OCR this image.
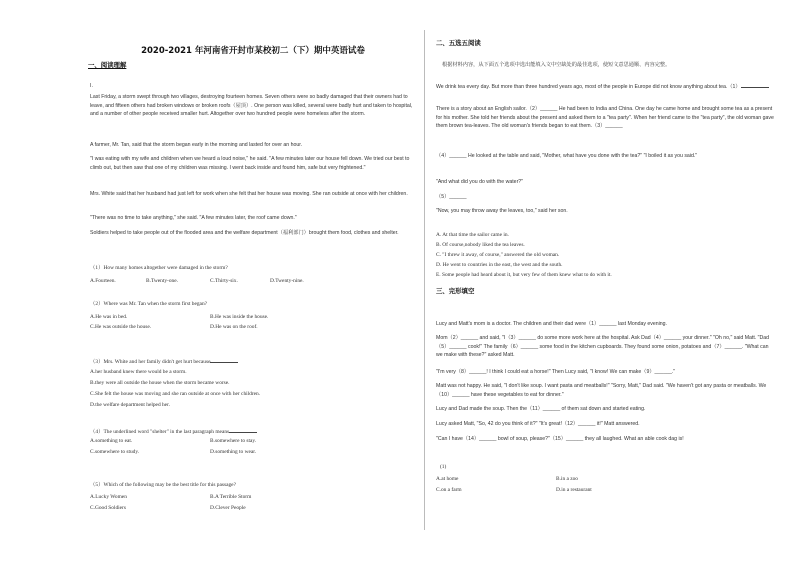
2020-2021 年河南省开封市某校初二（下）期中英语试卷
一、阅读理解
I.
Last Friday, a storm swept through two villages, destroying fourteen homes. Seven others were so badly damaged that their owners had to leave, and fifteen others had broken windows or broken roofs（屋顶）. One person was killed, several were badly hurt and taken to hospital, and a number of other people received smaller hurt. Altogether over two hundred people were homeless after the storm.
A farmer, Mr. Tan, said that the storm began early in the morning and lasted for over an hour.
"I was eating with my wife and children when we heard a loud noise," he said. "A few minutes later our house fell down. We tried our best to climb out, but then saw that one of my children was missing. I went back inside and found him, safe but very frightened."
Mrs. White said that her husband had just left for work when she felt that her house was moving. She ran outside at once with her children.
"There was no time to take anything," she said. "A few minutes later, the roof came down."
Soldiers helped to take people out of the flooded area and the welfare department（福利部门）brought them food, clothes and shelter.
（1）How many homes altogether were damaged in the storm?
A.Fourteen.	B.Twenty-one.	C.Thirty-six.	D.Twenty-nine.
（2）Where was Mr. Tan when the storm first began?
A.He was in bed.	B.He was inside the house.
C.He was outside the house.	D.He was on the roof.
（3）Mrs. White and her family didn't get hurt because
A.her husband knew there would be a storm.
B.they were all outside the house when the storm became worse.
C.She felt the house was moving and she ran outside at once with her children.
D.the welfare department helped her.
（4）The underlined word "shelter" in the last paragraph means
A.something to eat.	B.somewhere to stay.
C.somewhere to study.	D.something to wear.
（5）Which of the following may be the best title for this passage?
A.Lucky Women	B.A Terrible Storm
C.Good Soldiers	D.Clever People
二、五选五阅读
根据材料内容，从下面五个选项中选出能填入文中空缺处的最佳选项，使短文意思通顺、内容完整。
We drink tea every day. But more than three hundred years ago, most of the people in Europe did not know anything about tea.（1）
There is a story about an English sailor.（2）______ He had been to India and China. One day he came home and brought some tea as a present for his mother. She told her friends about the present and asked them to a "tea party". When her friend came to the "tea party", the old woman gave them brown tea-leaves. The old woman's friends began to eat them.（3）______
（4）______ He looked at the table and said, "Mother, what have you done with the tea?" "I boiled it as you said."
"And what did you do with the water?"
（5）______
"Now, you may throw away the leaves, too," said her son.
A. At that time the sailor came in.
B. Of course,nobody liked the tea leaves.
C. "I threw it away, of course," answered the old woman.
D. He went to countries in the east, the west and the south.
E. Some people had heard about it, but very few of them knew what to do with it.
三、完形填空
Lucy and Matt's mom is a doctor. The children and their dad were（1）______ last Monday evening.
Mom（2）______ and said, "I（3）______ do some more work here at the hospital. Ask Dad（4）______ your dinner." "Oh no," said Matt. "Dad（5）______ cook!" The family（6）______ some food in the kitchen cupboards. They found some onion, potatoes and（7）______. "What can we make with these?" asked Matt.
"I'm very（8）______! I think I could eat a horse!" Then Lucy said, "I know! We can make（9）______."
Matt was not happy. He said, "I don't like soup. I want pasta and meatballs!" "Sorry, Matt," Dad said. "We haven't got any pasta or meatballs. We（10）______ have these vegetables to eat for dinner."
Lucy and Dad made the soup. Then the（11）______ of them sat down and started eating.
Lucy asked Matt, "So, 42 do you think of it?" "It's great!（12）______ it!" Matt answered.
"Can I have（14）______ bowl of soup, please?"（15）______ they all laughed. What an able cook dag is!
(1)
A.at home	B.in a zoo
C.on a farm	D.in a restaurant
